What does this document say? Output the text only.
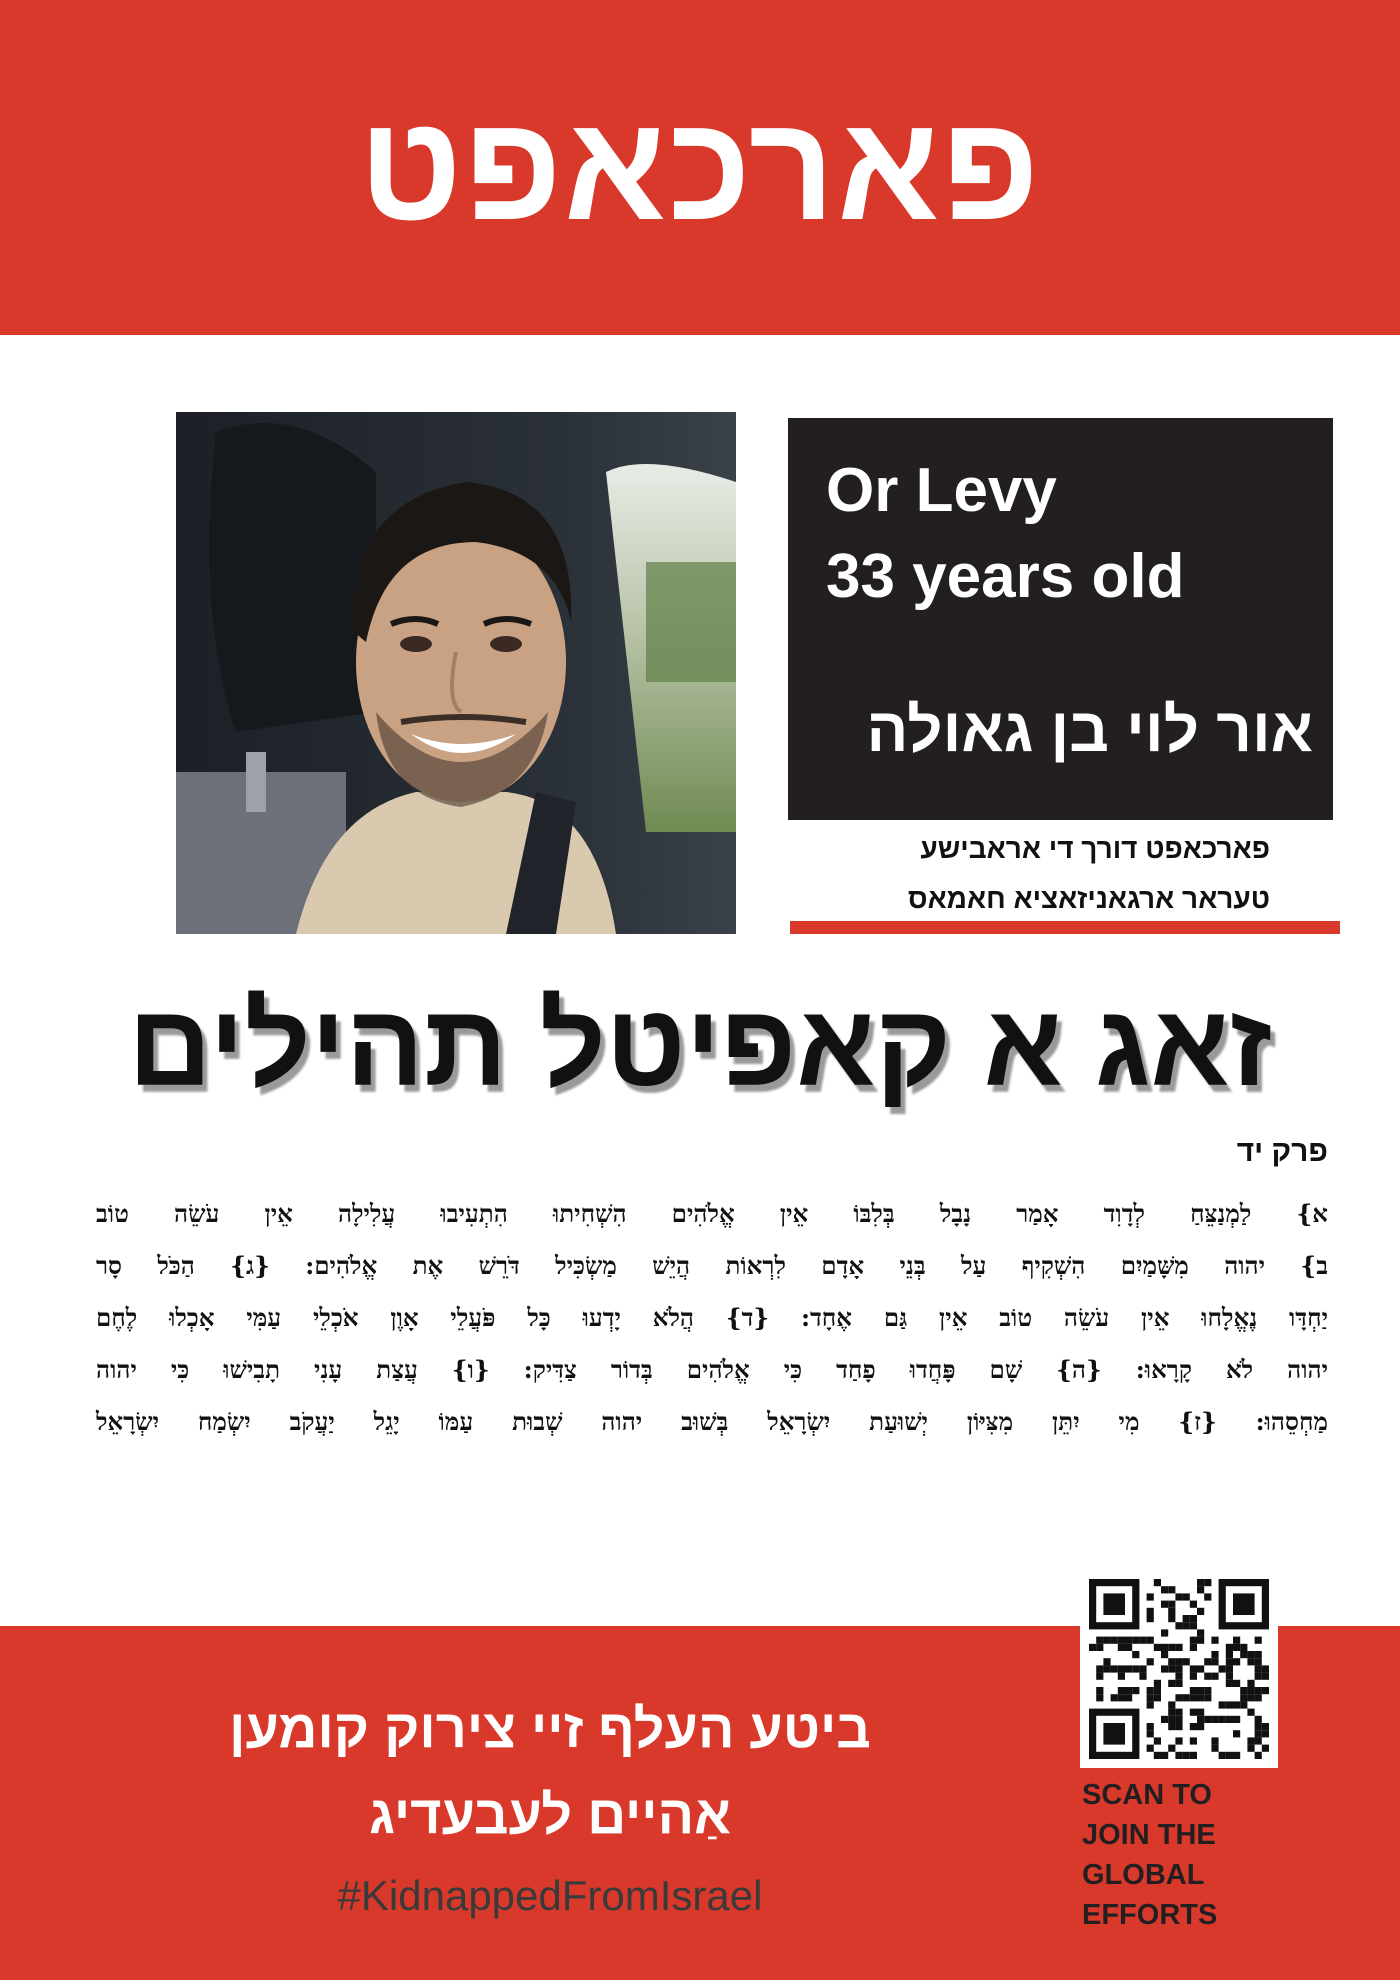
פארכאפט
Or Levy
33 years old
אור לוי בן גאולה
פארכאפט דורך די אראבישע
טעראר ארגאניזאציא חאמאס
זאג א קאפיטל תהילים
פרק יד
א} לַמְנַצֵּחַ לְדָוִד אָמַר נָבָל בְּלִבּוֹ אֵין אֱלֹהִים הִשְׁחִיתוּ הִתְעִיבוּ עֲלִילָה אֵין עֹשֵׂה טוֹב
ב} יהוה מִשָּׁמַיִם הִשְׁקִיף עַל בְּנֵי אָדָם לִרְאוֹת הֲיֵשׁ מַשְׂכִּיל דֹּרֵשׁ אֶת אֱלֹהִים: {ג} הַכֹּל סָר
יַחְדָּו נֶאֱלָחוּ אֵין עֹשֵׂה טוֹב אֵין גַּם אֶחָד: {ד} הֲלֹא יָדְעוּ כָּל פֹּעֲלֵי אָוֶן אֹכְלֵי עַמִּי אָכְלוּ לֶחֶם
יהוה לֹא קָרָאוּ: {ה} שָׁם פָּחֲדוּ פָחַד כִּי אֱלֹהִים בְּדוֹר צַדִּיק: {ו} עֲצַת עָנִי תָבִישׁוּ כִּי יהוה
מַחְסֵהוּ: {ז} מִי יִתֵּן מִצִּיּוֹן יְשׁוּעַת יִשְׂרָאֵל בְּשׁוּב יהוה שְׁבוּת עַמּוֹ יָגֵל יַעֲקֹב יִשְׂמַח יִשְׂרָאֵל
ביטע העלף זיי צירוק קומען
אַהיים לעבעדיג
#KidnappedFromIsrael
SCAN TO
JOIN THE
GLOBAL
EFFORTS
